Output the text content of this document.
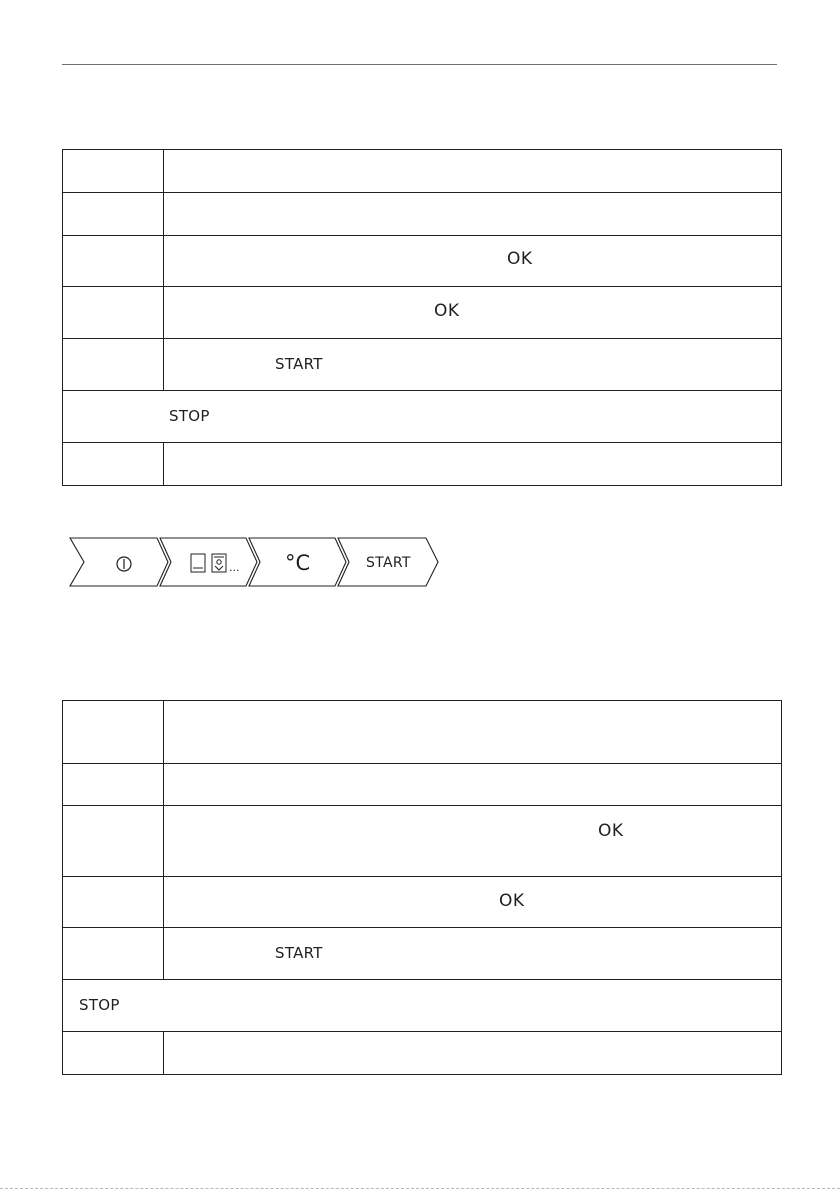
	OK

	OK

	START

STOP	

... °C	START

	OK

	OK

	START

STOP	
